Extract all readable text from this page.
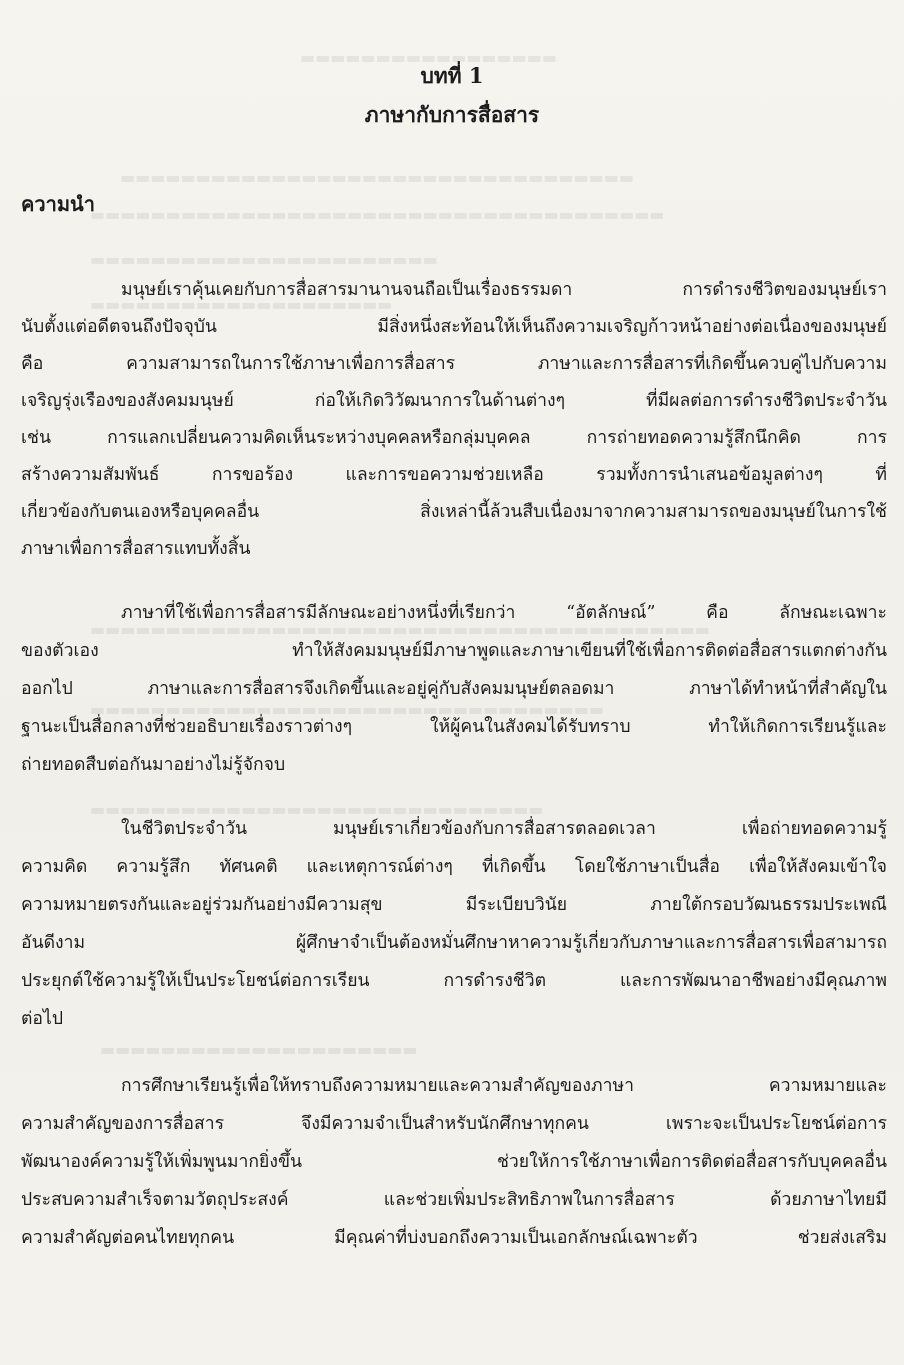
▬▬▬▬▬▬▬▬▬▬▬▬▬▬▬▬▬
▬▬▬▬▬▬▬▬▬▬▬▬▬▬▬▬▬▬▬▬▬▬▬▬▬▬▬▬▬▬▬▬▬▬
▬▬▬▬▬▬▬▬▬▬▬▬▬▬▬▬▬▬▬▬▬▬▬▬▬▬▬▬▬▬▬▬▬▬▬▬▬▬
▬▬▬▬▬▬▬▬▬▬▬▬▬▬▬▬▬▬▬▬▬▬▬
▬▬▬▬▬▬▬▬▬▬▬▬▬▬▬▬▬▬▬▬
▬▬▬▬▬▬▬▬▬▬▬▬▬▬▬▬▬▬▬▬▬▬▬▬▬▬▬▬▬▬▬▬▬▬▬▬▬▬▬▬▬
▬▬▬▬▬▬▬▬▬▬▬▬▬▬▬▬▬▬▬▬▬▬▬▬▬▬▬▬▬▬▬▬▬▬
▬▬▬▬▬▬▬▬▬▬▬▬▬▬▬▬▬▬▬▬▬▬▬▬▬▬▬▬▬▬
▬▬▬▬▬▬▬▬▬▬▬▬▬▬▬▬▬▬▬▬▬
บทที่ 1
ภาษากับการสื่อสาร
ความนำ
มนุษย์เราคุ้นเคยกับการสื่อสารมานานจนถือเป็นเรื่องธรรมดา การดำรงชีวิตของมนุษย์เรา
นับตั้งแต่อดีตจนถึงปัจจุบัน มีสิ่งหนึ่งสะท้อนให้เห็นถึงความเจริญก้าวหน้าอย่างต่อเนื่องของมนุษย์
คือ ความสามารถในการใช้ภาษาเพื่อการสื่อสาร ภาษาและการสื่อสารที่เกิดขึ้นควบคู่ไปกับความ
เจริญรุ่งเรืองของสังคมมนุษย์ ก่อให้เกิดวิวัฒนาการในด้านต่างๆ ที่มีผลต่อการดำรงชีวิตประจำวัน
เช่น การแลกเปลี่ยนความคิดเห็นระหว่างบุคคลหรือกลุ่มบุคคล การถ่ายทอดความรู้สึกนึกคิด การ
สร้างความสัมพันธ์ การขอร้อง และการขอความช่วยเหลือ รวมทั้งการนำเสนอข้อมูลต่างๆ ที่
เกี่ยวข้องกับตนเองหรือบุคคลอื่น สิ่งเหล่านี้ล้วนสืบเนื่องมาจากความสามารถของมนุษย์ในการใช้
ภาษาเพื่อการสื่อสารแทบทั้งสิ้น
ภาษาที่ใช้เพื่อการสื่อสารมีลักษณะอย่างหนึ่งที่เรียกว่า “อัตลักษณ์” คือ ลักษณะเฉพาะ
ของตัวเอง ทำให้สังคมมนุษย์มีภาษาพูดและภาษาเขียนที่ใช้เพื่อการติดต่อสื่อสารแตกต่างกัน
ออกไป ภาษาและการสื่อสารจึงเกิดขึ้นและอยู่คู่กับสังคมมนุษย์ตลอดมา ภาษาได้ทำหน้าที่สำคัญใน
ฐานะเป็นสื่อกลางที่ช่วยอธิบายเรื่องราวต่างๆ ให้ผู้คนในสังคมได้รับทราบ ทำให้เกิดการเรียนรู้และ
ถ่ายทอดสืบต่อกันมาอย่างไม่รู้จักจบ
ในชีวิตประจำวัน มนุษย์เราเกี่ยวข้องกับการสื่อสารตลอดเวลา เพื่อถ่ายทอดความรู้
ความคิด ความรู้สึก ทัศนคติ และเหตุการณ์ต่างๆ ที่เกิดขึ้น โดยใช้ภาษาเป็นสื่อ เพื่อให้สังคมเข้าใจ
ความหมายตรงกันและอยู่ร่วมกันอย่างมีความสุข มีระเบียบวินัย ภายใต้กรอบวัฒนธรรมประเพณี
อันดีงาม ผู้ศึกษาจำเป็นต้องหมั่นศึกษาหาความรู้เกี่ยวกับภาษาและการสื่อสารเพื่อสามารถ
ประยุกต์ใช้ความรู้ให้เป็นประโยชน์ต่อการเรียน การดำรงชีวิต และการพัฒนาอาชีพอย่างมีคุณภาพ
ต่อไป
การศึกษาเรียนรู้เพื่อให้ทราบถึงความหมายและความสำคัญของภาษา ความหมายและ
ความสำคัญของการสื่อสาร จึงมีความจำเป็นสำหรับนักศึกษาทุกคน เพราะจะเป็นประโยชน์ต่อการ
พัฒนาองค์ความรู้ให้เพิ่มพูนมากยิ่งขึ้น ช่วยให้การใช้ภาษาเพื่อการติดต่อสื่อสารกับบุคคลอื่น
ประสบความสำเร็จตามวัตถุประสงค์ และช่วยเพิ่มประสิทธิภาพในการสื่อสาร ด้วยภาษาไทยมี
ความสำคัญต่อคนไทยทุกคน มีคุณค่าที่บ่งบอกถึงความเป็นเอกลักษณ์เฉพาะตัว ช่วยส่งเสริม
